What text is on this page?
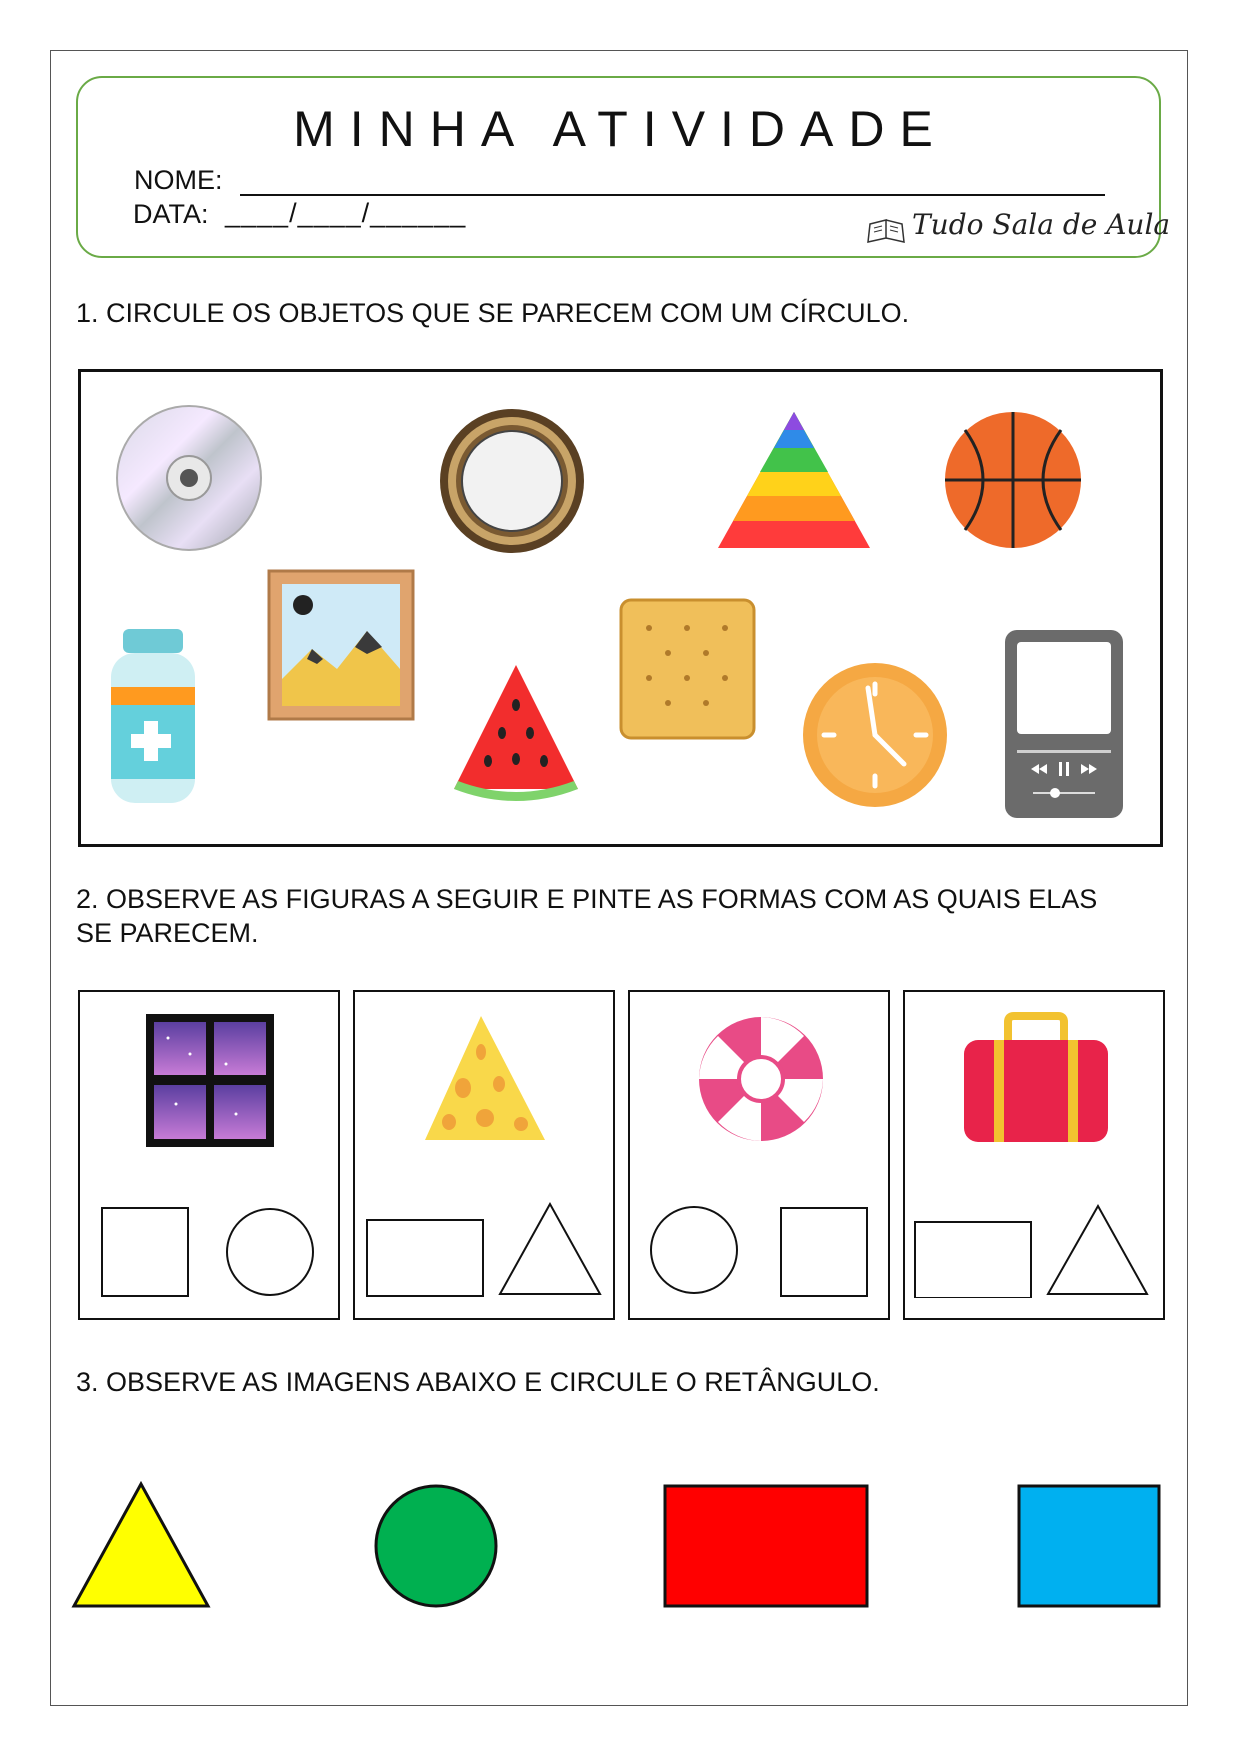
MINHA ATIVIDADE
NOME:
DATA: ____/____/______	Tudo Sala de Aula
1. CIRCULE OS OBJETOS QUE SE PARECEM COM UM CÍRCULO.
2. OBSERVE AS FIGURAS A SEGUIR E PINTE AS FORMAS COM AS QUAIS ELAS
SE PARECEM.
3. OBSERVE AS IMAGENS ABAIXO E CIRCULE O RETÂNGULO.
